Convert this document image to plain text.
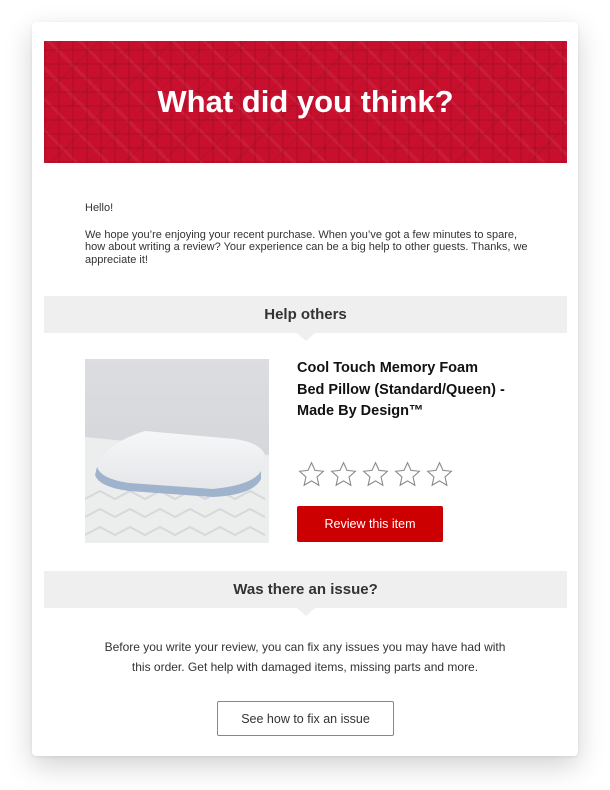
What did you think?

Hello!

We hope you’re enjoying your recent purchase. When you’ve got a few minutes to spare, how about writing a review? Your experience can be a big help to other guests. Thanks, we appreciate it!

Help others
Cool Touch Memory Foam Bed Pillow (Standard/Queen) - Made By Design™
Review this item
Was there an issue?
Before you write your review, you can fix any issues you may have had with this order. Get help with damaged items, missing parts and more.
See how to fix an issue
